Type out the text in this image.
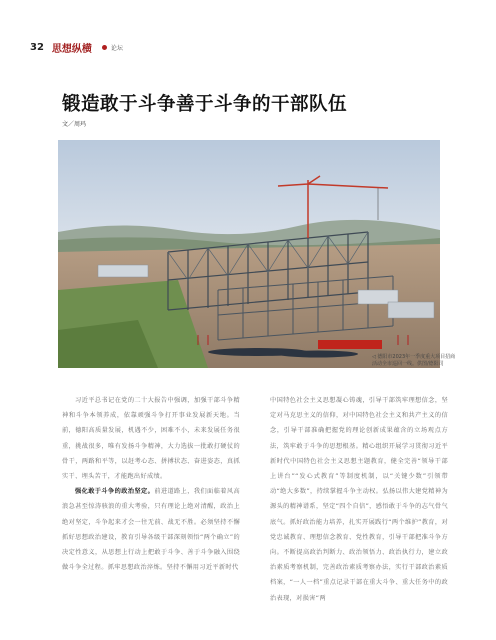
32 思想纵横	论坛
锻造敢于斗争善于斗争的干部队伍
文／周玛
◁ 德阳市2023年一季度重大项目招商活动全市巡回一线。供图/德阳司

习近平总书记在党的二十大报告中强调，加强干部斗争精神和斗争本领养成，依靠顽强斗争打开事业发展新天地。当前，德阳高质量发展，机遇不少，困难不小，未来发展任务很重，挑战很多，唯有发扬斗争精神，大力选拔一批敢打硬仗的骨干，两路和平等，以赶考心态、拼搏状态、奋进姿态，真抓实干、埋头苦干，才能跑出好成绩。

强化敢于斗争的政治坚定。前进道路上，我们面临着风高浪急甚至惊涛骇浪的重大考验，只有理论上绝对清醒，政治上绝对坚定，斗争起来才会一往无前、战无不胜。必须坚持不懈抓好思想政治建设，教育引导各级干部深刻领悟“两个确立”的决定性意义，从思想上行动上把敢于斗争、善于斗争融入围绕做斗争全过程。抓牢思想政治淬炼。坚持不懈用习近平新时代

中国特色社会主义思想凝心铸魂，引导干部筑牢理想信念，坚定对马克思主义的信仰，对中国特色社会主义和共产主义的信念，引导干部准确把握党的理论创新成果蕴含的立场观点方法，筑牢敢于斗争的思想根基。精心组织开展学习贯彻习近平新时代中国特色社会主义思想主题教育，健全完善“领导干部上讲台”“发心式教育”等制度机制，以“关键少数”引领带动“绝大多数”，持续掌握斗争主动权。弘扬以伟大建党精神为源头的精神谱系，坚定“四个自信”，感悟敢于斗争的志气骨气底气。抓好政治能力培养，扎实开展践行“两个维护”教育，对党忠诚教育、理想信念教育、党性教育，引导干部把准斗争方向。不断提高政治判断力、政治领悟力、政治执行力，建立政治素质考察机制，完善政治素质考察办法，实行干部政治素质档案，“一人一档”重点记录干部在重大斗争、重大任务中的政治表现，对损害“两
